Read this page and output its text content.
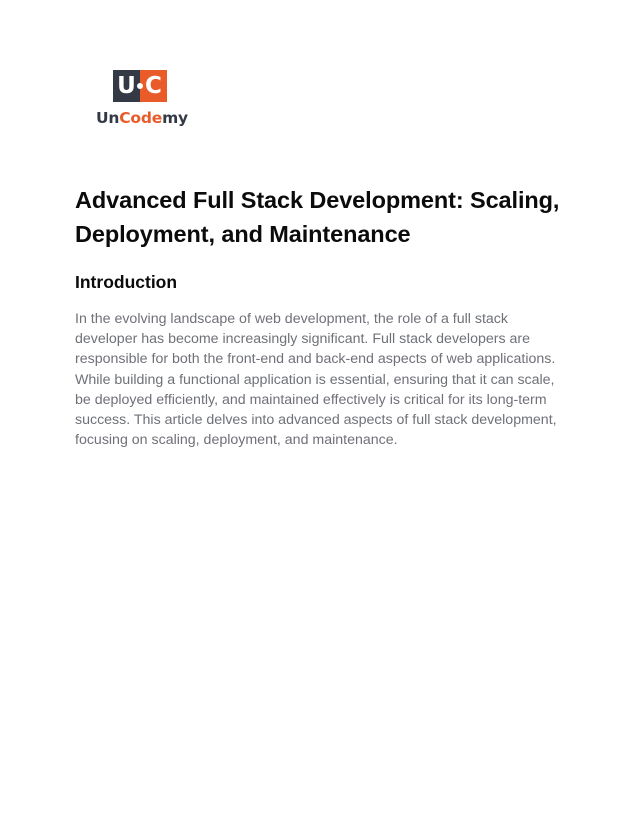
U C
UnCodemy
Advanced Full Stack Development: Scaling, Deployment, and Maintenance
Introduction

In the evolving landscape of web development, the role of a full stack developer has become increasingly significant. Full stack developers are responsible for both the front-end and back-end aspects of web applications. While building a functional application is essential, ensuring that it can scale, be deployed efficiently, and maintained effectively is critical for its long-term success. This article delves into advanced aspects of full stack development, focusing on scaling, deployment, and maintenance.
